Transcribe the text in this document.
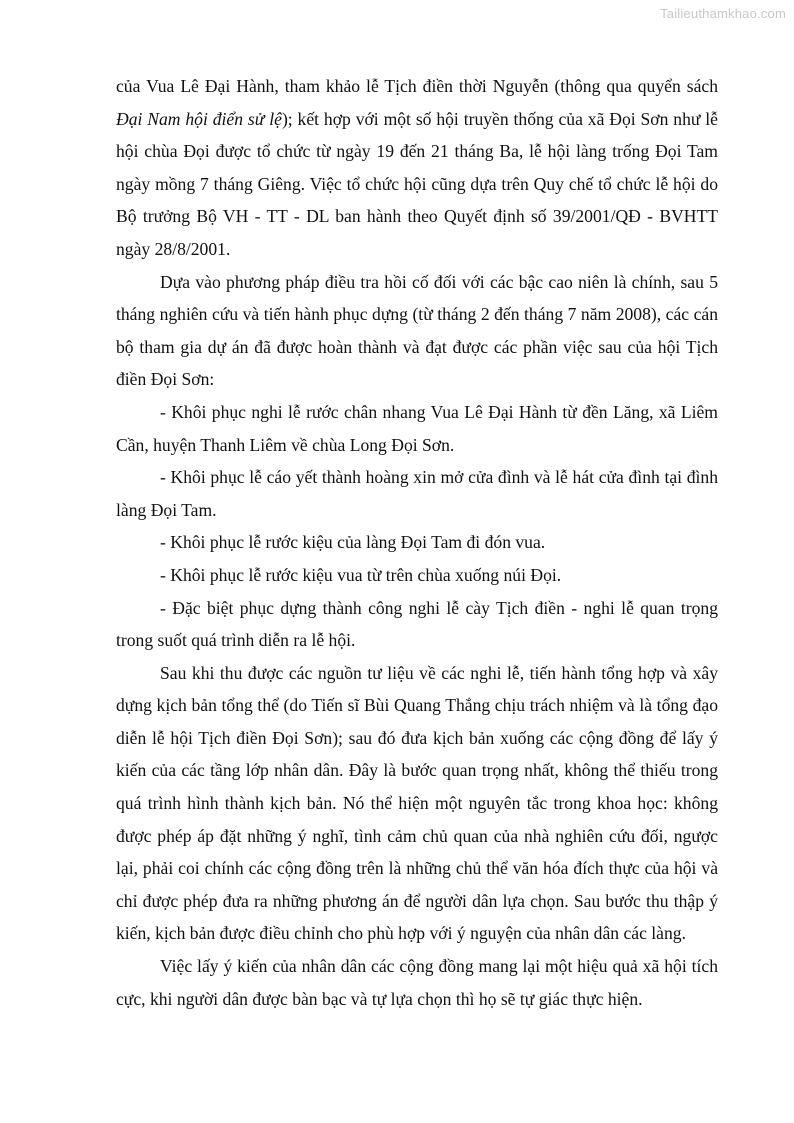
Tailieuthamkhao.com

của Vua Lê Đại Hành, tham khảo lễ Tịch điền thời Nguyễn (thông qua quyển sách Đại Nam hội điển sử lệ); kết hợp với một số hội truyền thống của xã Đọi Sơn như lễ hội chùa Đọi được tổ chức từ ngày 19 đến 21 tháng Ba, lễ hội làng trống Đọi Tam ngày mồng 7 tháng Giêng. Việc tổ chức hội cũng dựa trên Quy chế tổ chức lễ hội do Bộ trưởng Bộ VH - TT - DL ban hành theo Quyết định số 39/2001/QĐ - BVHTT ngày 28/8/2001.

Dựa vào phương pháp điều tra hồi cố đối với các bậc cao niên là chính, sau 5 tháng nghiên cứu và tiến hành phục dựng (từ tháng 2 đến tháng 7 năm 2008), các cán bộ tham gia dự án đã được hoàn thành và đạt được các phần việc sau của hội Tịch điền Đọi Sơn:

- Khôi phục nghi lễ rước chân nhang Vua Lê Đại Hành từ đền Lăng, xã Liêm Cần, huyện Thanh Liêm về chùa Long Đọi Sơn.

- Khôi phục lễ cáo yết thành hoàng xin mở cửa đình và lễ hát cửa đình tại đình làng Đọi Tam.

- Khôi phục lễ rước kiệu của làng Đọi Tam đi đón vua.

- Khôi phục lễ rước kiệu vua từ trên chùa xuống núi Đọi.

- Đặc biệt phục dựng thành công nghi lễ cày Tịch điền - nghi lễ quan trọng trong suốt quá trình diễn ra lễ hội.

Sau khi thu được các nguồn tư liệu về các nghi lễ, tiến hành tổng hợp và xây dựng kịch bản tổng thể (do Tiến sĩ Bùi Quang Thắng chịu trách nhiệm và là tổng đạo diễn lễ hội Tịch điền Đọi Sơn); sau đó đưa kịch bản xuống các cộng đồng để lấy ý kiến của các tầng lớp nhân dân. Đây là bước quan trọng nhất, không thể thiếu trong quá trình hình thành kịch bản. Nó thể hiện một nguyên tắc trong khoa học: không được phép áp đặt những ý nghĩ, tình cảm chủ quan của nhà nghiên cứu đối, ngược lại, phải coi chính các cộng đồng trên là những chủ thể văn hóa đích thực của hội và chỉ được phép đưa ra những phương án để người dân lựa chọn. Sau bước thu thập ý kiến, kịch bản được điều chỉnh cho phù hợp với ý nguyện của nhân dân các làng.

Việc lấy ý kiến của nhân dân các cộng đồng mang lại một hiệu quả xã hội tích cực, khi người dân được bàn bạc và tự lựa chọn thì họ sẽ tự giác thực hiện.
